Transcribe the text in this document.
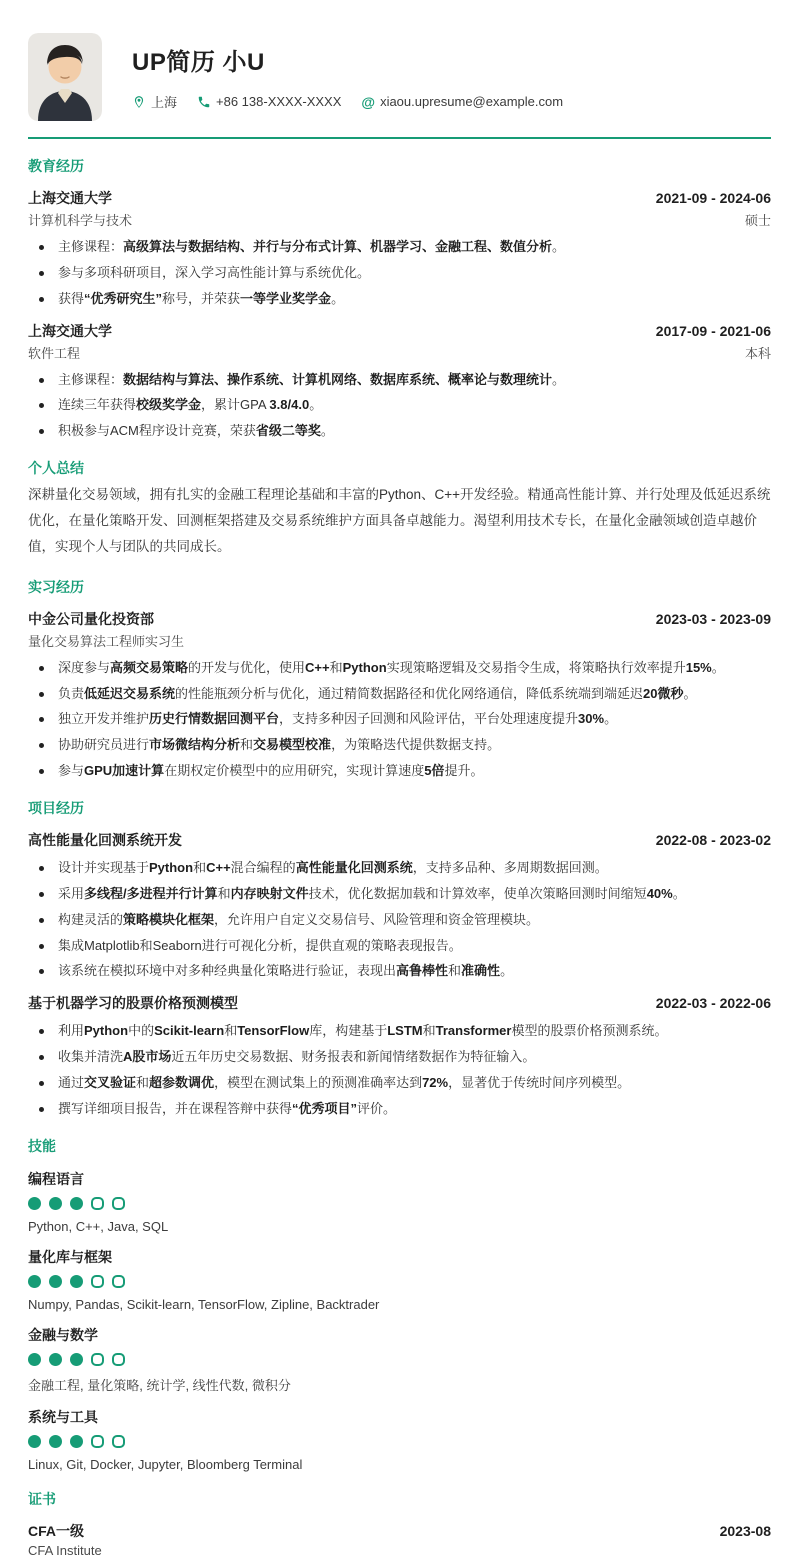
UP简历 小U
上海	+86 138-XXXX-XXXX @ xiaou.upresume@example.com
教育经历
上海交通大学	2021-09 - 2024-06
计算机科学与技术	硕士
主修课程：高级算法与数据结构、并行与分布式计算、机器学习、金融工程、数值分析。
参与多项科研项目，深入学习高性能计算与系统优化。
获得“优秀研究生”称号，并荣获一等学业奖学金。
上海交通大学	2017-09 - 2021-06
软件工程	本科
主修课程：数据结构与算法、操作系统、计算机网络、数据库系统、概率论与数理统计。
连续三年获得校级奖学金，累计GPA 3.8/4.0。
积极参与ACM程序设计竞赛，荣获省级二等奖。
个人总结
深耕量化交易领域，拥有扎实的金融工程理论基础和丰富的Python、C++开发经验。精通高性能计算、并行处理及低延迟系统优化，在量化策略开发、回测框架搭建及交易系统维护方面具备卓越能力。渴望利用技术专长，在量化金融领域创造卓越价值，实现个人与团队的共同成长。
实习经历
中金公司量化投资部	2023-03 - 2023-09
量化交易算法工程师实习生
深度参与高频交易策略的开发与优化，使用C++和Python实现策略逻辑及交易指令生成，将策略执行效率提升15%。
负责低延迟交易系统的性能瓶颈分析与优化，通过精简数据路径和优化网络通信，降低系统端到端延迟20微秒。
独立开发并维护历史行情数据回测平台，支持多种因子回测和风险评估，平台处理速度提升30%。
协助研究员进行市场微结构分析和交易模型校准，为策略迭代提供数据支持。
参与GPU加速计算在期权定价模型中的应用研究，实现计算速度5倍提升。
项目经历
高性能量化回测系统开发	2022-08 - 2023-02
设计并实现基于Python和C++混合编程的高性能量化回测系统，支持多品种、多周期数据回测。
采用多线程/多进程并行计算和内存映射文件技术，优化数据加载和计算效率，使单次策略回测时间缩短40%。
构建灵活的策略模块化框架，允许用户自定义交易信号、风险管理和资金管理模块。
集成Matplotlib和Seaborn进行可视化分析，提供直观的策略表现报告。
该系统在模拟环境中对多种经典量化策略进行验证，表现出高鲁棒性和准确性。
基于机器学习的股票价格预测模型	2022-03 - 2022-06
利用Python中的Scikit-learn和TensorFlow库，构建基于LSTM和Transformer模型的股票价格预测系统。
收集并清洗A股市场近五年历史交易数据、财务报表和新闻情绪数据作为特征输入。
通过交叉验证和超参数调优，模型在测试集上的预测准确率达到72%，显著优于传统时间序列模型。
撰写详细项目报告，并在课程答辩中获得“优秀项目”评价。
技能
编程语言
Python, C++, Java, SQL
量化库与框架
Numpy, Pandas, Scikit-learn, TensorFlow, Zipline, Backtrader
金融与数学
金融工程, 量化策略, 统计学, 线性代数, 微积分
系统与工具
Linux, Git, Docker, Jupyter, Bloomberg Terminal
证书
CFA一级	2023-08
CFA Institute
